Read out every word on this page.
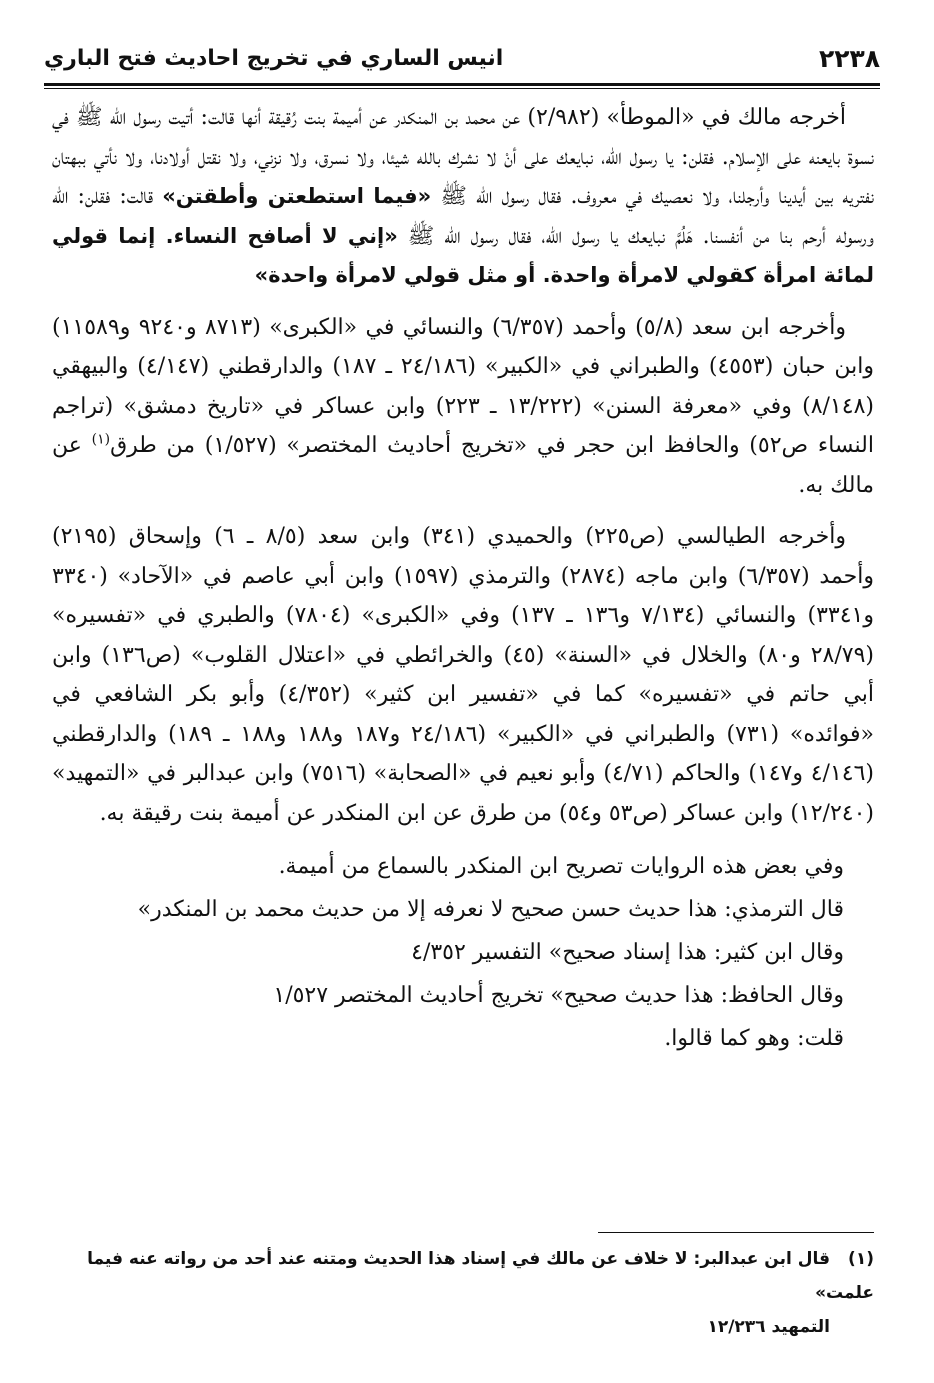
٢٢٣٨
انيس الساري في تخريج احاديث فتح الباري

أخرجه مالك في «الموطأ» (٢/٩٨٢) عن محمد بن المنكدر عن أميمة بنت رُقيقة أنها قالت: أتيت رسول الله ﷺ في نسوة بايعنه على الإسلام. فقلن: يا رسول الله، نبايعك على أنْ لا نشرك بالله شيئا، ولا نسرق، ولا نزني، ولا نقتل أولادنا، ولا نأتي ببهتان نفتريه بين أيدينا وأرجلنا، ولا نعصيك في معروف. فقال رسول الله ﷺ «فيما استطعتن وأطقتن» قالت: فقلن: الله ورسوله أرحم بنا من أنفسنا. هَلُمَّ نبايعك يا رسول الله، فقال رسول الله ﷺ «إني لا أصافح النساء. إنما قولي لمائة امرأة كقولي لامرأة واحدة. أو مثل قولي لامرأة واحدة»

وأخرجه ابن سعد (٥/٨) وأحمد (٦/٣٥٧) والنسائي في «الكبرى» (٨٧١٣ و٩٢٤٠ و١١٥٨٩) وابن حبان (٤٥٥٣) والطبراني في «الكبير» (٢٤/١٨٦ ـ ١٨٧) والدارقطني (٤/١٤٧) والبيهقي (٨/١٤٨) وفي «معرفة السنن» (١٣/٢٢٢ ـ ٢٢٣) وابن عساكر في «تاريخ دمشق» (تراجم النساء ص٥٢) والحافظ ابن حجر في «تخريج أحاديث المختصر» (١/٥٢٧) من طرق$^{(١)}$ عن مالك به.

وأخرجه الطيالسي (ص٢٢٥) والحميدي (٣٤١) وابن سعد (٨/٥ ـ ٦) وإسحاق (٢١٩٥) وأحمد (٦/٣٥٧) وابن ماجه (٢٨٧٤) والترمذي (١٥٩٧) وابن أبي عاصم في «الآحاد» (٣٣٤٠ و٣٣٤١) والنسائي (٧/١٣٤ و١٣٦ ـ ١٣٧) وفي «الكبرى» (٧٨٠٤) والطبري في «تفسيره» (٢٨/٧٩ و٨٠) والخلال في «السنة» (٤٥) والخرائطي في «اعتلال القلوب» (ص١٣٦) وابن أبي حاتم في «تفسيره» كما في «تفسير ابن كثير» (٤/٣٥٢) وأبو بكر الشافعي في «فوائده» (٧٣١) والطبراني في «الكبير» (٢٤/١٨٦ و١٨٧ و١٨٨ و١٨٨ ـ ١٨٩) والدارقطني (٤/١٤٦ و١٤٧) والحاكم (٤/٧١) وأبو نعيم في «الصحابة» (٧٥١٦) وابن عبدالبر في «التمهيد» (١٢/٢٤٠) وابن عساكر (ص٥٣ و٥٤) من طرق عن ابن المنكدر عن أميمة بنت رقيقة به.

وفي بعض هذه الروايات تصريح ابن المنكدر بالسماع من أميمة.

قال الترمذي: هذا حديث حسن صحيح لا نعرفه إلا من حديث محمد بن المنكدر»

وقال ابن كثير: هذا إسناد صحيح» التفسير ٤/٣٥٢

وقال الحافظ: هذا حديث صحيح» تخريج أحاديث المختصر ١/٥٢٧

قلت: وهو كما قالوا.

(١)قال ابن عبدالبر: لا خلاف عن مالك في إسناد هذا الحديث ومتنه عند أحد من رواته عنه فيما علمت»
التمهيد ١٢/٢٣٦
